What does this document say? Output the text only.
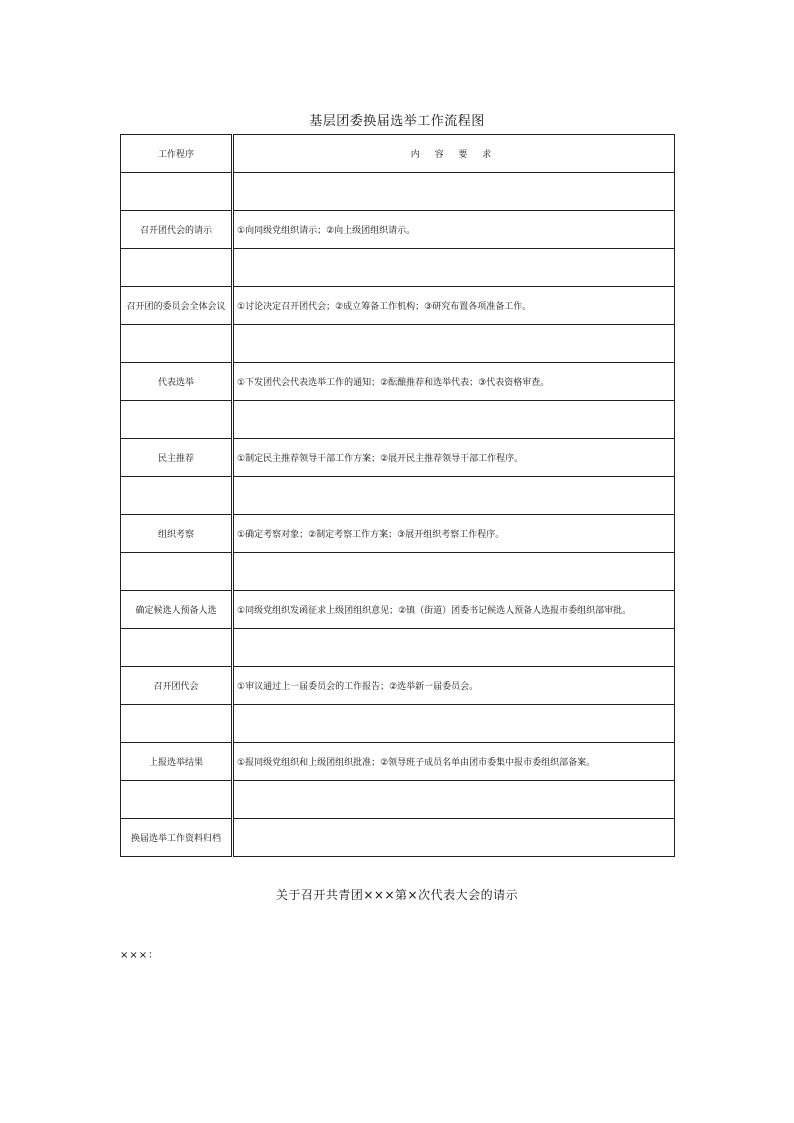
基层团委换届选举工作流程图
工作程序	内 容 要 求

召开团代会的请示	①向同级党组织请示；②向上级团组织请示。

召开团的委员会全体会议	①讨论决定召开团代会；②成立筹备工作机构；③研究布置各项准备工作。

代表选举	①下发团代会代表选举工作的通知；②酝酿推荐和选举代表；③代表资格审查。

民主推荐	①制定民主推荐领导干部工作方案；②展开民主推荐领导干部工作程序。

组织考察	①确定考察对象；②制定考察工作方案；③展开组织考察工作程序。

确定候选人预备人选	①同级党组织发函征求上级团组织意见；②镇（街道）团委书记候选人预备人选报市委组织部审批。

召开团代会	①审议通过上一届委员会的工作报告；②选举新一届委员会。

上报选举结果	①报同级党组织和上级团组织批准；②领导班子成员名单由团市委集中报市委组织部备案。

换届选举工作资料归档	
关于召开共青团×××第×次代表大会的请示
×××：
